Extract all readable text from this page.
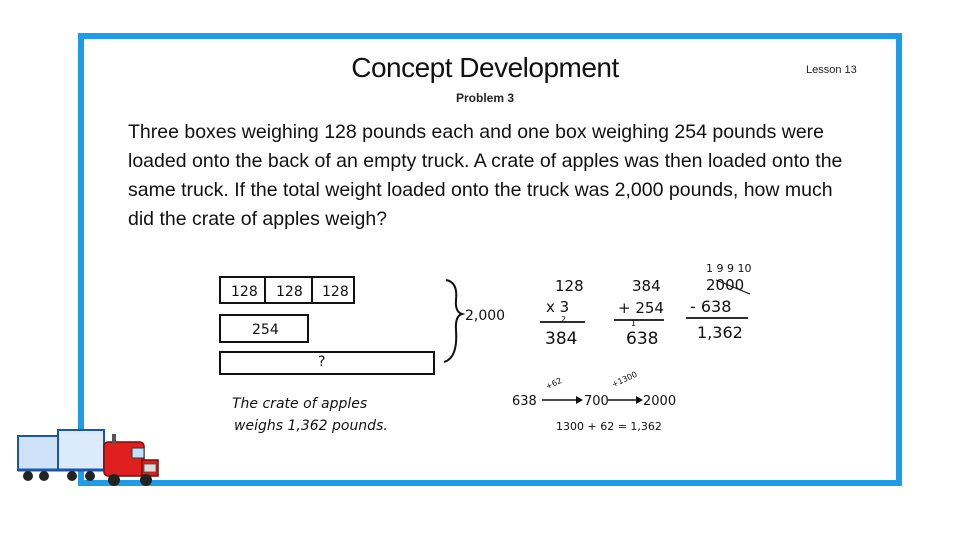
Concept Development	Lesson 13
Problem 3
Three boxes weighing 128 pounds each and one box weighing 254 pounds were loaded onto the back of an empty truck. A crate of apples was then loaded onto the same truck. If the total weight loaded onto the truck was 2,000 pounds, how much did the crate of apples weigh?
128 128 128
254
?
2,000
128
x 3
2
384
384
+ 254
1
638
1 9 9 10
2000
- 638
1,362
The crate of apples
weighs 1,362 pounds.
638
+62
700
+1300
2000
1300 + 62 = 1,362
